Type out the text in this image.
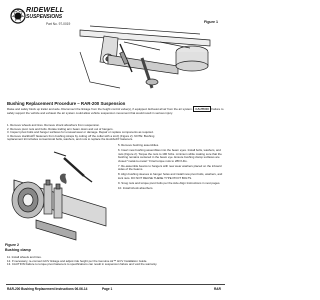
RIDEWELL
SUSPENSIONS
Part No. 97-0019	Figure 1
Bushing Replacement Procedure – RAR-200 Suspension
Raise and safely block up trailer and axle. Disconnect the linkage from the height control valve(s), if equipped. Exhaust all air from the air system. CAUTION Failure to safely support the vehicle and exhaust the air system could allow vehicle suspension movement that would result in serious injury.
1. Remove wheels and tires. Remove shock absorbers from suspension.
2. Remove pivot nuts and bolts. Rotate trailing arm beam down and out of hangers.
3. Inspect pivot bolts and hanger surfaces for unusual wear or damage. Repair or replace components as required.
4. Remove Huckbolt® fasteners from bushing straps by cutting off the collar with a torch (Figure 2). NOTE: Bushing
replacement kit includes conventional bolts, washers, and nuts to replace the Huckbolt® fasteners.
Figure 2
Bushing clamp
5. Remove bushing assemblies.
6. Insert new bushing assemblies into the beam eyes. Install bolts, washers, and nuts (Figure 2). Torque the nuts to 190 ft-lbs. minimum while making sure that the bushing remains centered in the beam eye. Ensure bushing clamp surfaces are closed "metal-to-metal." Final torque nuts to 280 ft-lbs.
7. Re-assemble beams to hangers with new wear washers placed on the inboard sides of the beams.
8. Align bushing sleeves to hanger holes and install new pivot bolts, washers, and lock nuts. DO NOT REUSE THESE TYPE PIVOT BOLTS.
9. Snug nuts and torque pivot bolts per the Axle Align Instructions in next pages.
10. Install shock absorbers.
11. Install wheels and tires.
12. If necessary, re-connect HCV linkage and adjust ride height per the Genuine Air™ HCV Installation Guide.
13. CAUTION Failure to torque pivot fasteners to specifications can result in suspension failure and void the warranty.
RAR-200 Bushing Replacement Instructions 06-06-14	Page 1	RAR
